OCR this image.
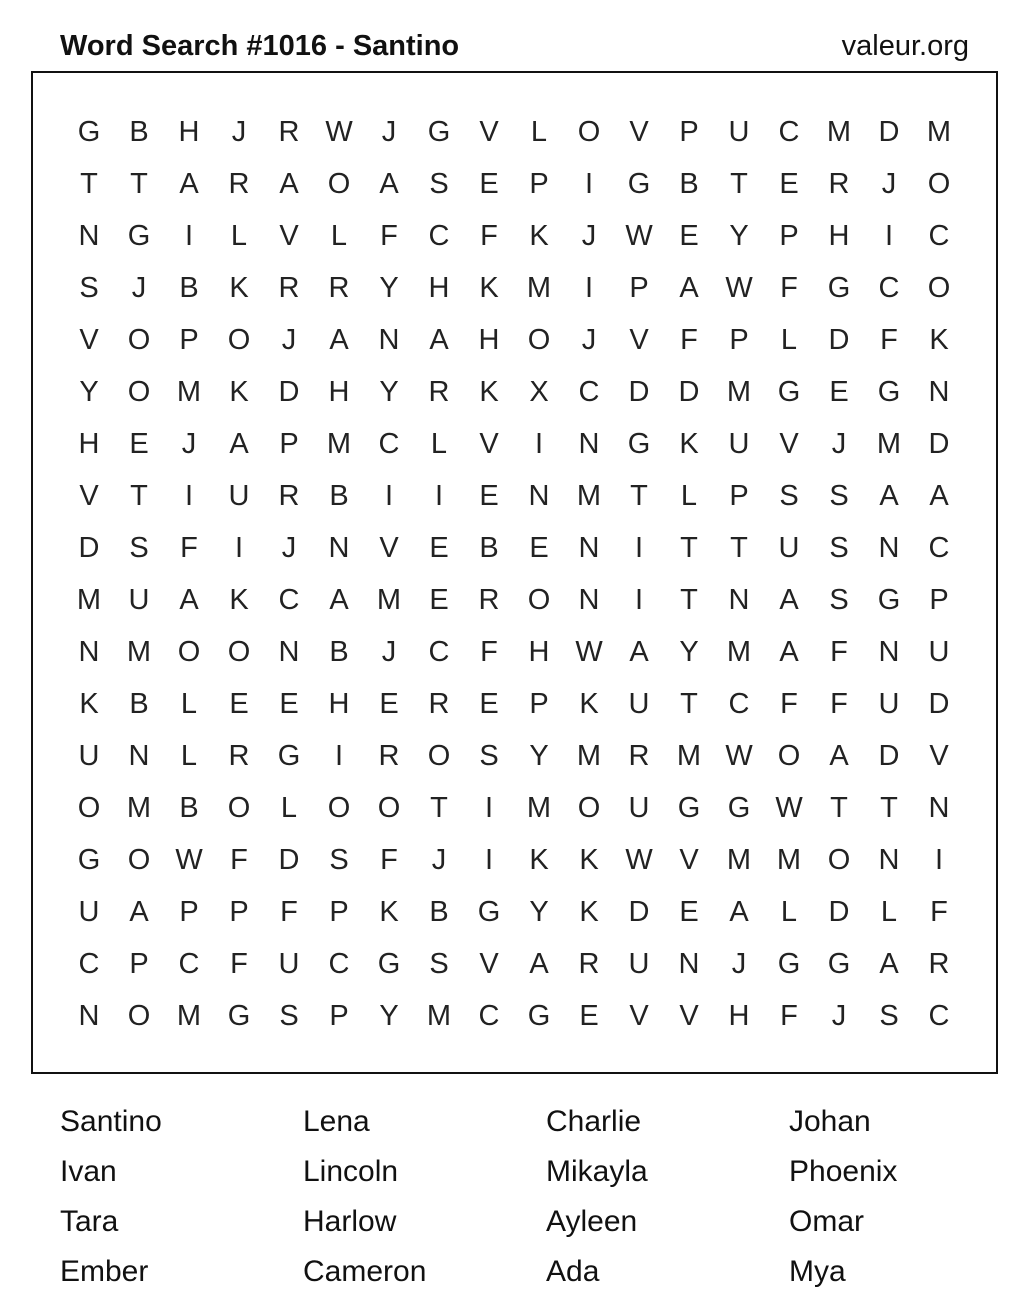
Word Search #1016 - Santino	valeur.org
G	B	H	J	R W	J	G	V	L	O	V	P	U	C M D M
T	T	A	R	A	O	A	S	E	P	I	G	B	T	E	R	J	O
N G	I	L	V	L	F	C	F	K	J	W E	Y	P	H	I	C
S	J	B	K	R	R	Y	H	K M	I	P	A W F	G C O
V	O	P	O	J	A	N	A	H O	J	V	F	P	L	D	F	K
Y	O M K	D	H	Y	R	K	X	C	D	D M G	E	G N
H	E	J	A	P M C	L	V	I	N G	K	U	V	J	M D
V	T	I	U	R	B	I	I	E	N M	T	L	P	S	S	A	A
D	S	F	I	J	N	V	E	B	E	N	I	T	T	U	S	N	C
M U	A	K	C	A M E	R O N	I	T	N	A	S	G	P
N M O O N	B	J	C	F	H W A	Y M A	F	N	U
K	B	L	E	E	H	E	R	E	P	K	U	T	C	F	F	U	D
U	N	L	R G	I	R O	S	Y M R M W O	A	D	V
O M B	O	L	O O	T	I	M O U G G W T	T	N
G O W F	D	S	F	J	I	K	K W V M M O N	I
U	A	P	P	F	P	K	B	G	Y	K	D	E	A	L	D	L	F
C	P	C	F	U	C G	S	V	A	R	U	N	J	G G	A	R
N O M G	S	P	Y M C G	E	V	V	H	F	J	S	C
Santino	Lena	Charlie	Johan
Ivan	Lincoln	Mikayla	Phoenix
Tara	Harlow	Ayleen	Omar
Ember	Cameron	Ada	Mya
